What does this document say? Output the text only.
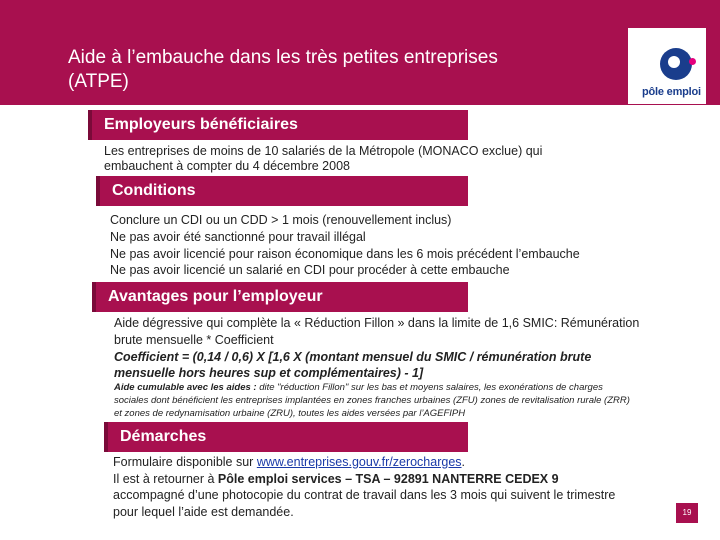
Aide à l’embauche dans les très petites entreprises
(ATPE)	pôle emploi
Employeurs bénéficiaires
Les entreprises de moins de 10 salariés de la Métropole (MONACO exclue) qui
embauchent à compter du 4 décembre 2008
Conditions
Conclure un CDI ou un CDD > 1 mois (renouvellement inclus)
Ne pas avoir été sanctionné pour travail illégal
Ne pas avoir licencié pour raison économique dans les 6 mois précédent l’embauche
Ne pas avoir licencié un salarié en CDI pour procéder à cette embauche
Avantages pour l’employeur
Aide dégressive qui complète la « Réduction Fillon » dans la limite de 1,6 SMIC: Rémunération
brute mensuelle * Coefficient
Coefficient = (0,14 / 0,6) X [1,6 X (montant mensuel du SMIC / rémunération brute
mensuelle hors heures sup et complémentaires) - 1]
Aide cumulable avec les aides : dite "réduction Fillon" sur les bas et moyens salaires, les exonérations de charges
sociales dont bénéficient les entreprises implantées en zones franches urbaines (ZFU) zones de revitalisation rurale (ZRR)
et zones de redynamisation urbaine (ZRU), toutes les aides versées par l’AGEFIPH
Démarches
Formulaire disponible sur www.entreprises.gouv.fr/zerocharges.
Il est à retourner à Pôle emploi services – TSA – 92891 NANTERRE CEDEX 9
accompagné d’une photocopie du contrat de travail dans les 3 mois qui suivent le trimestre
pour lequel l’aide est demandée.	19
